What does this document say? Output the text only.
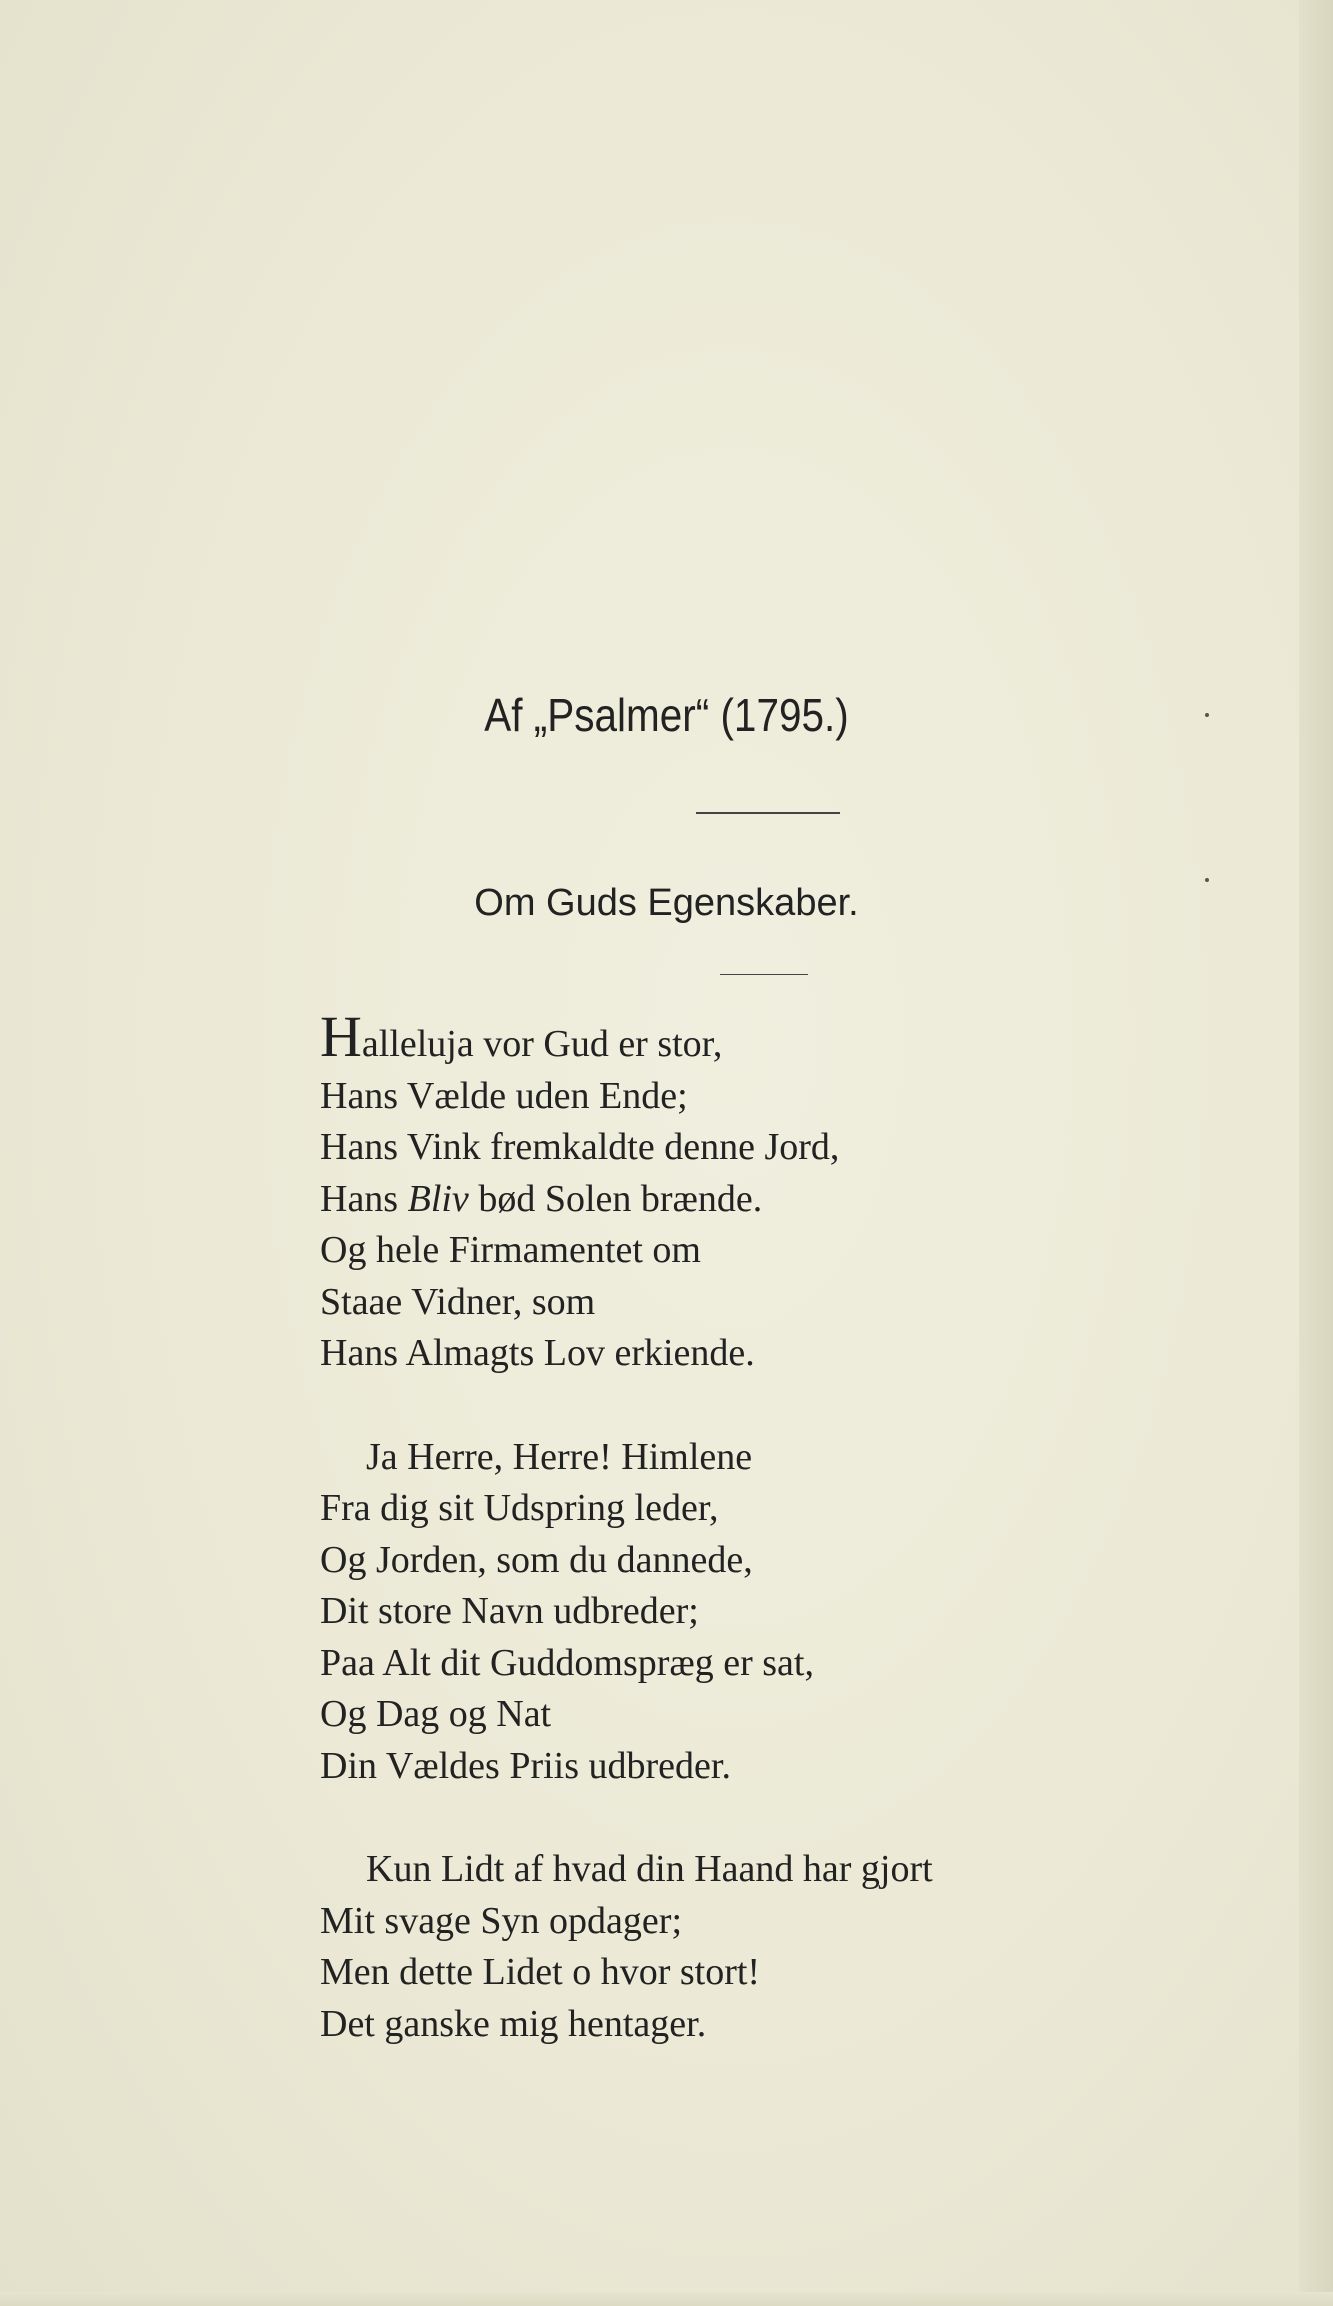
Af „Psalmer“ (1795.)
Om Guds Egenskaber.
Halleluja vor Gud er stor,
Hans Vælde uden Ende;
Hans Vink fremkaldte denne Jord,
Hans Bliv bød Solen brænde.
Og hele Firmamentet om
Staae Vidner, som
Hans Almagts Lov erkiende.
Ja Herre, Herre! Himlene
Fra dig sit Udspring leder,
Og Jorden, som du dannede,
Dit store Navn udbreder;
Paa Alt dit Guddomspræg er sat,
Og Dag og Nat
Din Vældes Priis udbreder.
Kun Lidt af hvad din Haand har gjort
Mit svage Syn opdager;
Men dette Lidet o hvor stort!
Det ganske mig hentager.
